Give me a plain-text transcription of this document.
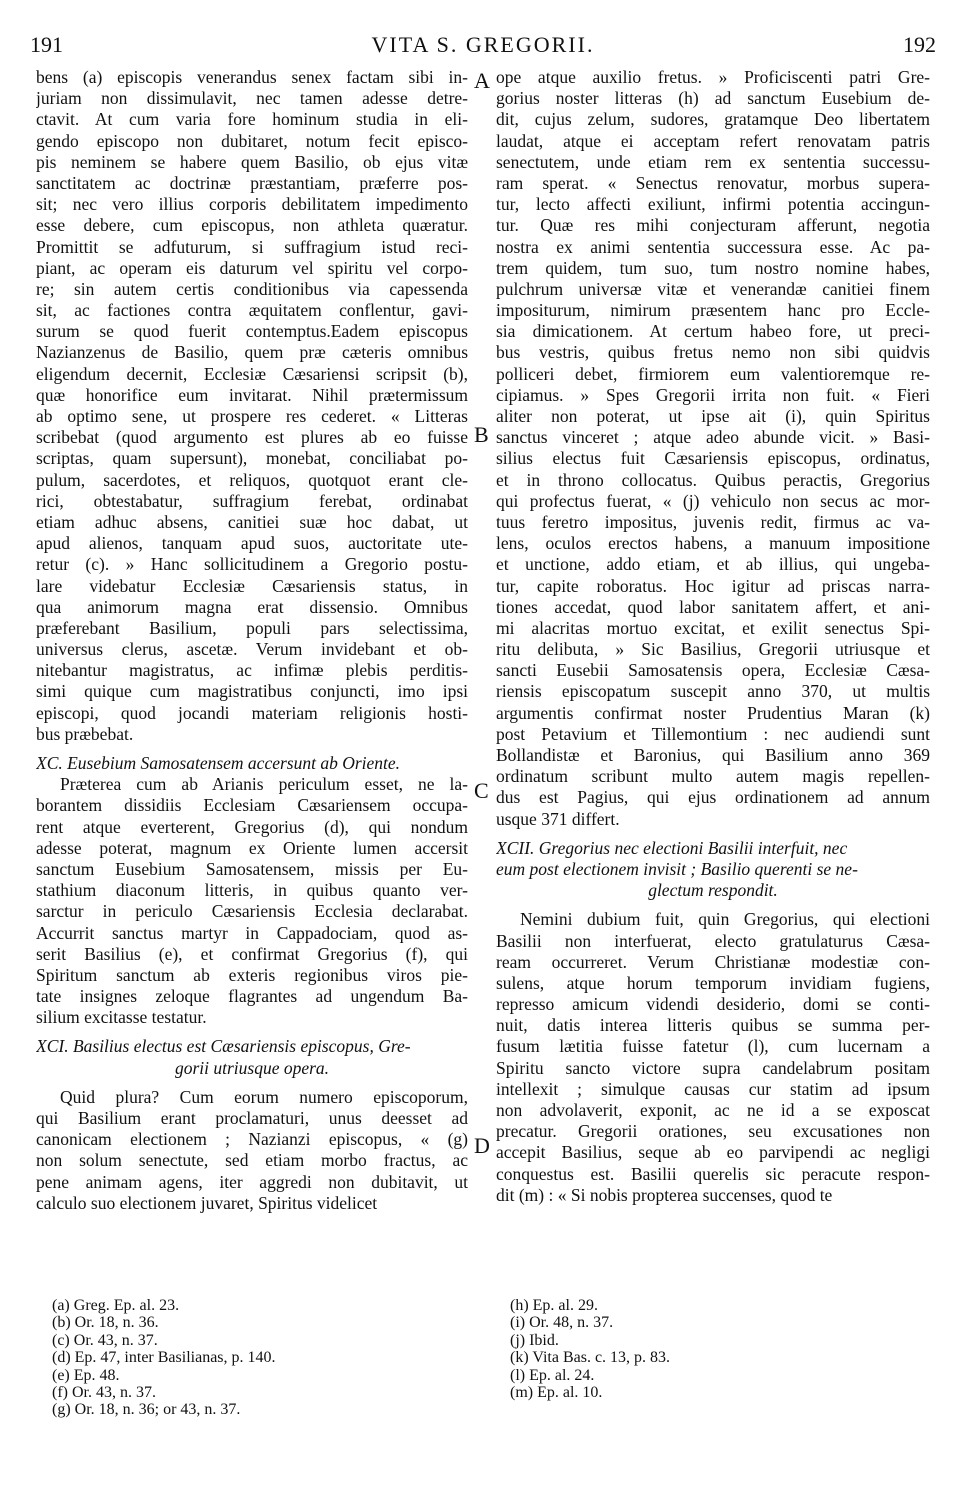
191	VITA S. GREGORII.	192
A
B
C
D
bens (a) episcopis venerandus senex factam sibi in-
juriam non dissimulavit, nec tamen adesse detre-
ctavit. At cum varia fore hominum studia in eli-
gendo episcopo non dubitaret, notum fecit episco-
pis neminem se habere quem Basilio, ob ejus vitæ
sanctitatem ac doctrinæ præstantiam, præferre pos-
sit; nec vero illius corporis debilitatem impedimento
esse debere, cum episcopus, non athleta quæratur.
Promittit se adfuturum, si suffragium istud reci-
piant, ac operam eis daturum vel spiritu vel corpo-
re; sin autem certis conditionibus via capessenda
sit, ac factiones contra æquitatem conflentur, gavi-
surum se quod fuerit contemptus.Eadem episcopus
Nazianzenus de Basilio, quem præ cæteris omnibus
eligendum decernit, Ecclesiæ Cæsariensi scripsit (b),
quæ honorifice eum invitarat. Nihil prætermissum
ab optimo sene, ut prospere res cederet. « Litteras
scribebat (quod argumento est plures ab eo fuisse
scriptas, quam supersunt), monebat, conciliabat po-
pulum, sacerdotes, et reliquos, quotquot erant cle-
rici, obtestabatur, suffragium ferebat, ordinabat
etiam adhuc absens, canitiei suæ hoc dabat, ut
apud alienos, tanquam apud suos, auctoritate ute-
retur (c). » Hanc sollicitudinem a Gregorio postu-
lare videbatur Ecclesiæ Cæsariensis status, in
qua animorum magna erat dissensio. Omnibus
præferebant Basilium, populi pars selectissima,
universus clerus, ascetæ. Verum invidebant et ob-
nitebantur magistratus, ac infimæ plebis perditis-
simi quique cum magistratibus conjuncti, imo ipsi
episcopi, quod jocandi materiam religionis hosti-
bus præbebat.
XC. Eusebium Samosatensem accersunt ab Oriente.
Præterea cum ab Arianis periculum esset, ne la-
borantem dissidiis Ecclesiam Cæsariensem occupa-
rent atque everterent, Gregorius (d), qui nondum
adesse poterat, magnum ex Oriente lumen accersit
sanctum Eusebium Samosatensem, missis per Eu-
stathium diaconum litteris, in quibus quanto ver-
sarctur in periculo Cæsariensis Ecclesia declarabat.
Accurrit sanctus martyr in Cappadociam, quod as-
serit Basilius (e), et confirmat Gregorius (f), qui
Spiritum sanctum ab exteris regionibus viros pie-
tate insignes zeloque flagrantes ad ungendum Ba-
silium excitasse testatur.
XCI. Basilius electus est Cæsariensis episcopus, Gre-
gorii utriusque opera.
Quid plura? Cum eorum numero episcoporum,
qui Basilium erant proclamaturi, unus deesset ad
canonicam electionem ; Nazianzi episcopus, « (g)
non solum senectute, sed etiam morbo fractus, ac
pene animam agens, iter aggredi non dubitavit, ut
calculo suo electionem juvaret, Spiritus videlicet
ope atque auxilio fretus. » Proficiscenti patri Gre-
gorius noster litteras (h) ad sanctum Eusebium de-
dit, cujus zelum, sudores, gratamque Deo libertatem
laudat, atque ei acceptam refert renovatam patris
senectutem, unde etiam rem ex sententia successu-
ram sperat. « Senectus renovatur, morbus supera-
tur, lecto affecti exiliunt, infirmi potentia accingun-
tur. Quæ res mihi conjecturam afferunt, negotia
nostra ex animi sententia successura esse. Ac pa-
trem quidem, tum suo, tum nostro nomine habes,
pulchrum universæ vitæ et venerandæ canitiei finem
impositurum, nimirum præsentem hanc pro Eccle-
sia dimicationem. At certum habeo fore, ut preci-
bus vestris, quibus fretus nemo non sibi quidvis
polliceri debet, firmiorem eum valentioremque re-
cipiamus. » Spes Gregorii irrita non fuit. « Fieri
aliter non poterat, ut ipse ait (i), quin Spiritus
sanctus vinceret ; atque adeo abunde vicit. » Basi-
silius electus fuit Cæsariensis episcopus, ordinatus,
et in throno collocatus. Quibus peractis, Gregorius
qui profectus fuerat, « (j) vehiculo non secus ac mor-
tuus feretro impositus, juvenis redit, firmus ac va-
lens, oculos erectos habens, a manuum impositione
et unctione, addo etiam, et ab illius, qui ungeba-
tur, capite roboratus. Hoc igitur ad priscas narra-
tiones accedat, quod labor sanitatem affert, et ani-
mi alacritas mortuo excitat, et exilit senectus Spi-
ritu delibuta, » Sic Basilius, Gregorii utriusque et
sancti Eusebii Samosatensis opera, Ecclesiæ Cæsa-
riensis episcopatum suscepit anno 370, ut multis
argumentis confirmat noster Prudentius Maran (k)
post Petavium et Tillemontium : nec audiendi sunt
Bollandistæ et Baronius, qui Basilium anno 369
ordinatum scribunt multo autem magis repellen-
dus est Pagius, qui ejus ordinationem ad annum
usque 371 differt.
XCII. Gregorius nec electioni Basilii interfuit, nec
eum post electionem invisit ; Basilio querenti se ne-
glectum respondit.
Nemini dubium fuit, quin Gregorius, qui electioni
Basilii non interfuerat, electo gratulaturus Cæsa-
ream occurreret. Verum Christianæ modestiæ con-
sulens, atque horum temporum invidiam fugiens,
represso amicum videndi desiderio, domi se conti-
nuit, datis interea litteris quibus se summa per-
fusum lætitia fuisse fatetur (l), cum lucernam a
Spiritu sancto victore supra candelabrum positam
intellexit ; simulque causas cur statim ad ipsum
non advolaverit, exponit, ac ne id a se exposcat
precatur. Gregorii orationes, seu excusationes non
accepit Basilius, seque ab eo parvipendi ac negligi
conquestus est. Basilii querelis sic peracute respon-
dit (m) : « Si nobis propterea succenses, quod te
(a) Greg. Ep. al. 23.
(b) Or. 18, n. 36.
(c) Or. 43, n. 37.
(d) Ep. 47, inter Basilianas, p. 140.
(e) Ep. 48.
(f) Or. 43, n. 37.
(g) Or. 18, n. 36; or 43, n. 37.
(h) Ep. al. 29.
(i) Or. 48, n. 37.
(j) Ibid.
(k) Vita Bas. c. 13, p. 83.
(l) Ep. al. 24.
(m) Ep. al. 10.
